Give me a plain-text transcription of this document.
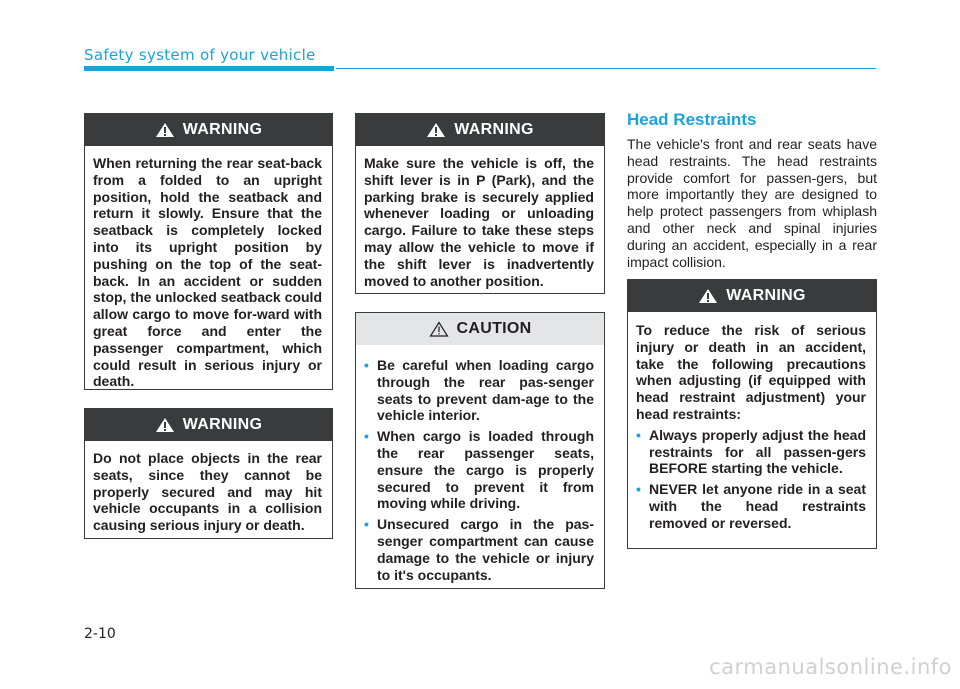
Safety system of your vehicle
WARNING
When returning the rear seat-back from a folded to an upright position, hold the seatback and return it slowly. Ensure that the seatback is completely locked into its upright position by pushing on the top of the seat-back. In an accident or sudden stop, the unlocked seatback could allow cargo to move for-ward with great force and enter the passenger compartment, which could result in serious injury or death.
WARNING
Do not place objects in the rear seats, since they cannot be properly secured and may hit vehicle occupants in a collision causing serious injury or death.
WARNING
Make sure the vehicle is off, the shift lever is in P (Park), and the parking brake is securely applied whenever loading or unloading cargo. Failure to take these steps may allow the vehicle to move if the shift lever is inadvertently moved to another position.
CAUTION
• Be careful when loading cargo through the rear pas-senger seats to prevent dam-age to the vehicle interior.
• When cargo is loaded through the rear passenger seats, ensure the cargo is properly secured to prevent it from moving while driving.
• Unsecured cargo in the pas-senger compartment can cause damage to the vehicle or injury to it's occupants.
Head Restraints
The vehicle's front and rear seats have head restraints. The head restraints provide comfort for passen-gers, but more importantly they are designed to help protect passengers from whiplash and other neck and spinal injuries during an accident, especially in a rear impact collision.
WARNING
To reduce the risk of serious injury or death in an accident, take the following precautions when adjusting (if equipped with head restraint adjustment) your head restraints:
• Always properly adjust the head restraints for all passen-gers BEFORE starting the vehicle.
• NEVER let anyone ride in a seat with the head restraints removed or reversed.
2-10
carmanualsonline.info
